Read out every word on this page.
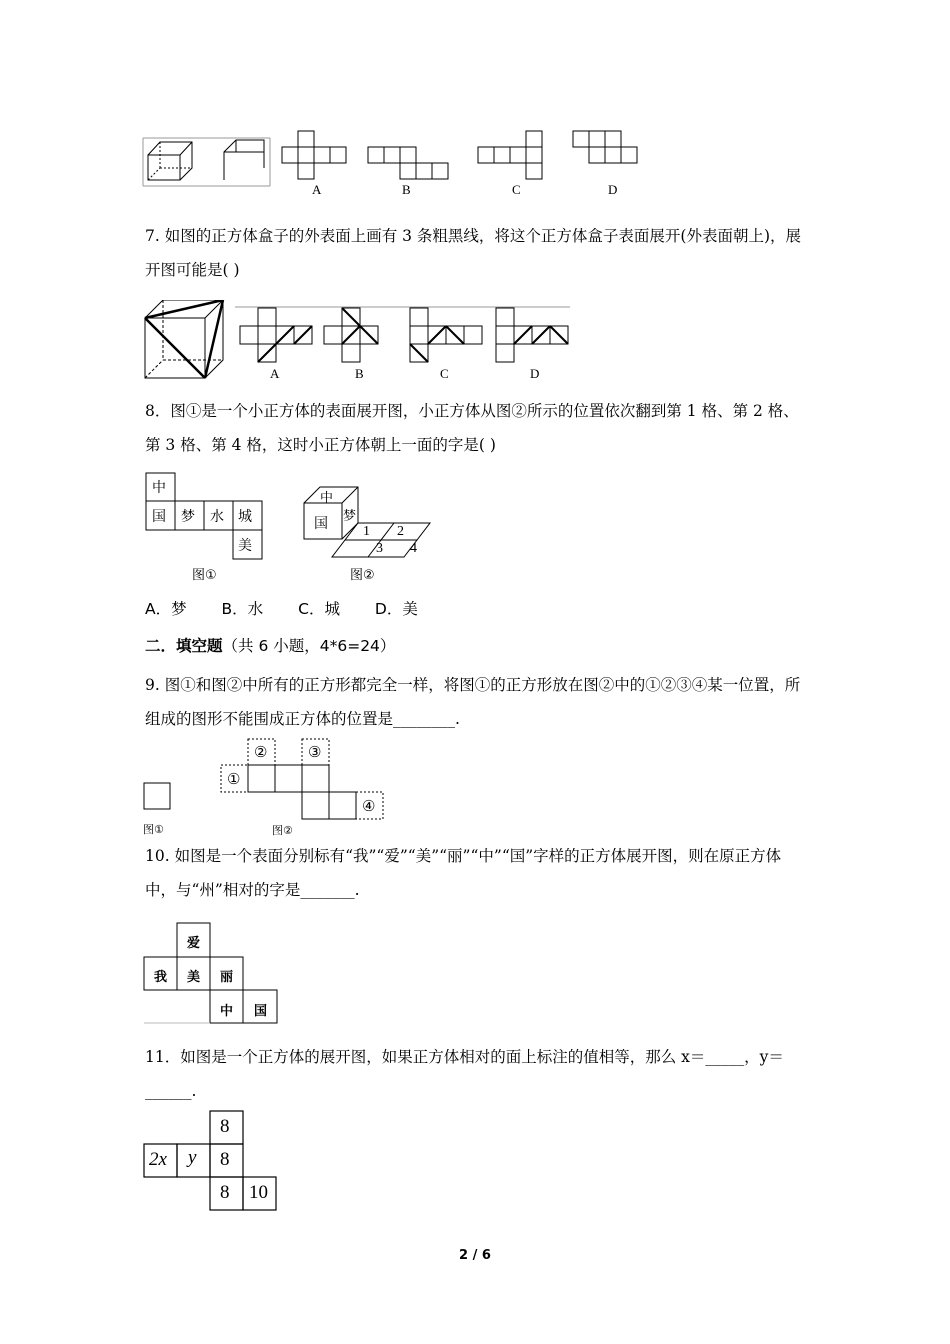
A	B	C	D
7. 如图的正方体盒子的外表面上画有 3 条粗黑线，将这个正方体盒子表面展开(外表面朝上)，展开图可能是( )
A	B	C	D
8．图①是一个小正方体的表面展开图，小正方体从图②所示的位置依次翻到第 1 格、第 2 格、第 3 格、第 4 格，这时小正方体朝上一面的字是( )
中
国 梦 水 城
美
图①
中
国 梦
1 2
3 4
图②
A．梦 B．水 C．城 D．美
二．填空题（共 6 小题，4*6=24）
9. 图①和图②中所有的正方形都完全一样，将图①的正方形放在图②中的①②③④某一位置，所组成的图形不能围成正方体的位置是________.
图①
①
②	③
④
图②
10. 如图是一个表面分别标有“我”“爱”“美”“丽”“中”“国”字样的正方体展开图，则在原正方体中，与“州”相对的字是_______.
爱
我 美 丽
中 国
11．如图是一个正方体的展开图，如果正方体相对的面上标注的值相等，那么 x＝_____，y＝______.
8
2x y 8
8 10
2 / 6
